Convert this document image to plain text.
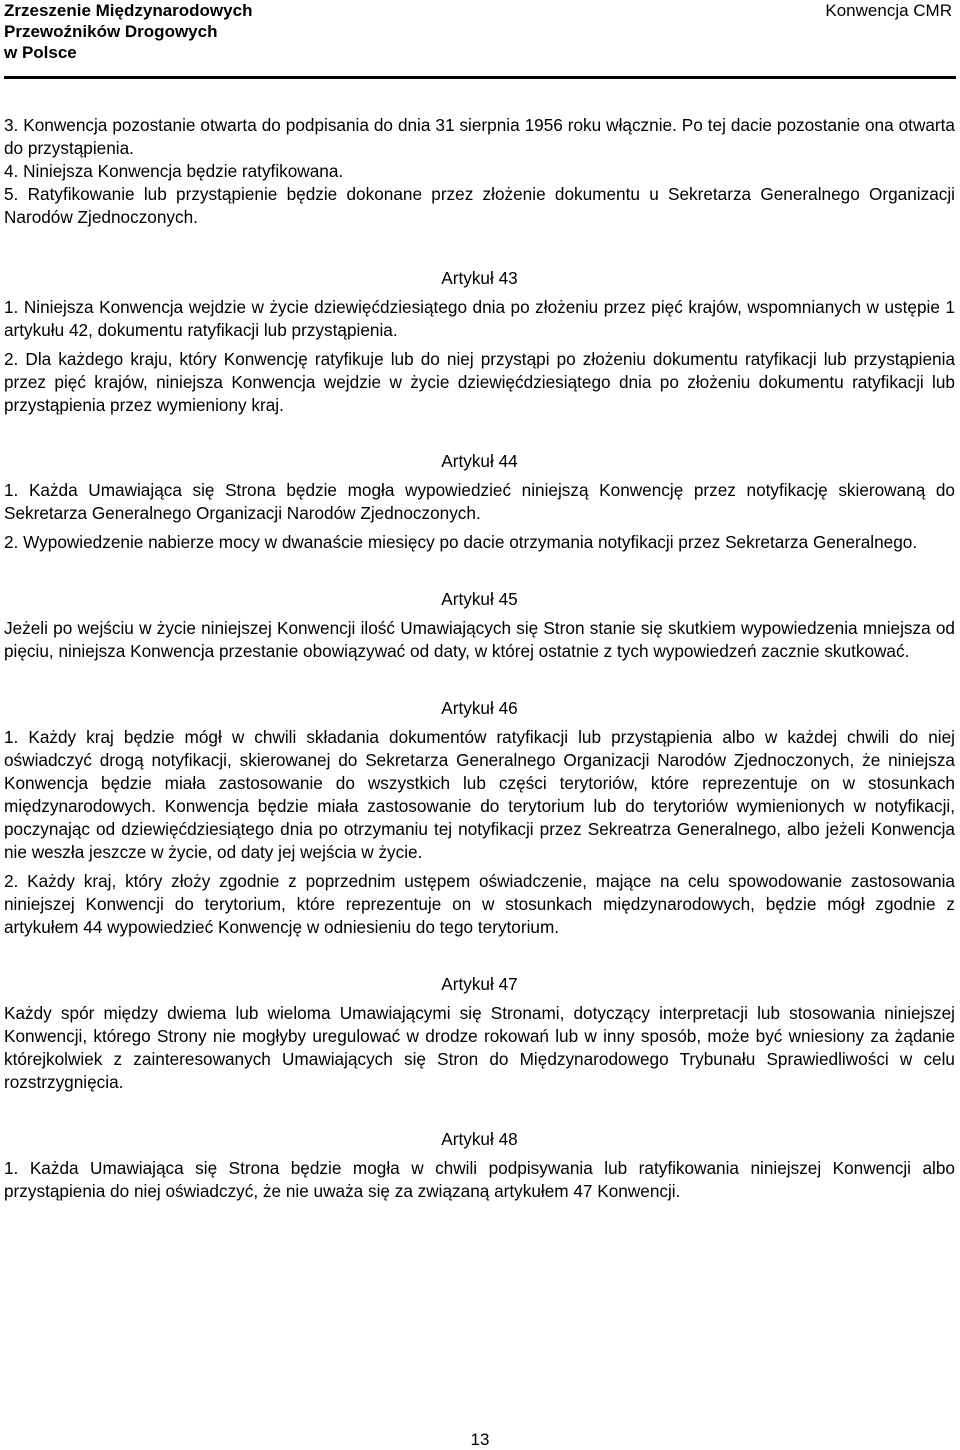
Zrzeszenie Międzynarodowych
Przewoźników Drogowych
w Polsce
Konwencja CMR

3. Konwencja pozostanie otwarta do podpisania do dnia 31 sierpnia 1956 roku włącznie. Po tej dacie pozostanie ona otwarta do przystąpienia.

4. Niniejsza Konwencja będzie ratyfikowana.

5. Ratyfikowanie lub przystąpienie będzie dokonane przez złożenie dokumentu u Sekretarza Generalnego Organizacji Narodów Zjednoczonych.

Artykuł 43

1. Niniejsza Konwencja wejdzie w życie dziewięćdziesiątego dnia po złożeniu przez pięć krajów, wspomnianych w ustępie 1 artykułu 42, dokumentu ratyfikacji lub przystąpienia.

2. Dla każdego kraju, który Konwencję ratyfikuje lub do niej przystąpi po złożeniu dokumentu ratyfikacji lub przystąpienia przez pięć krajów, niniejsza Konwencja wejdzie w życie dziewięćdziesiątego dnia po złożeniu dokumentu ratyfikacji lub przystąpienia przez wymieniony kraj.

Artykuł 44

1. Każda Umawiająca się Strona będzie mogła wypowiedzieć niniejszą Konwencję przez notyfikację skierowaną do Sekretarza Generalnego Organizacji Narodów Zjednoczonych.

2. Wypowiedzenie nabierze mocy w dwanaście miesięcy po dacie otrzymania notyfikacji przez Sekretarza Generalnego.

Artykuł 45

Jeżeli po wejściu w życie niniejszej Konwencji ilość Umawiających się Stron stanie się skutkiem wypowiedzenia mniejsza od pięciu, niniejsza Konwencja przestanie obowiązywać od daty, w której ostatnie z tych wypowiedzeń zacznie skutkować.

Artykuł 46

1. Każdy kraj będzie mógł w chwili składania dokumentów ratyfikacji lub przystąpienia albo w każdej chwili do niej oświadczyć drogą notyfikacji, skierowanej do Sekretarza Generalnego Organizacji Narodów Zjednoczonych, że niniejsza Konwencja będzie miała zastosowanie do wszystkich lub części terytoriów, które reprezentuje on w stosunkach międzynarodowych. Konwencja będzie miała zastosowanie do terytorium lub do terytoriów wymienionych w notyfikacji, poczynając od dziewięćdziesiątego dnia po otrzymaniu tej notyfikacji przez Sekreatrza Generalnego, albo jeżeli Konwencja nie weszła jeszcze w życie, od daty jej wejścia w życie.

2. Każdy kraj, który złoży zgodnie z poprzednim ustępem oświadczenie, mające na celu spowodowanie zastosowania niniejszej Konwencji do terytorium, które reprezentuje on w stosunkach międzynarodowych, będzie mógł zgodnie z artykułem 44 wypowiedzieć Konwencję w odniesieniu do tego terytorium.

Artykuł 47

Każdy spór między dwiema lub wieloma Umawiającymi się Stronami, dotyczący interpretacji lub stosowania niniejszej Konwencji, którego Strony nie mogłyby uregulować w drodze rokowań lub w inny sposób, może być wniesiony za żądanie którejkolwiek z zainteresowanych Umawiających się Stron do Międzynarodowego Trybunału Sprawiedliwości w celu rozstrzygnięcia.

Artykuł 48

1. Każda Umawiająca się Strona będzie mogła w chwili podpisywania lub ratyfikowania niniejszej Konwencji albo przystąpienia do niej oświadczyć, że nie uważa się za związaną artykułem 47 Konwencji.

13
